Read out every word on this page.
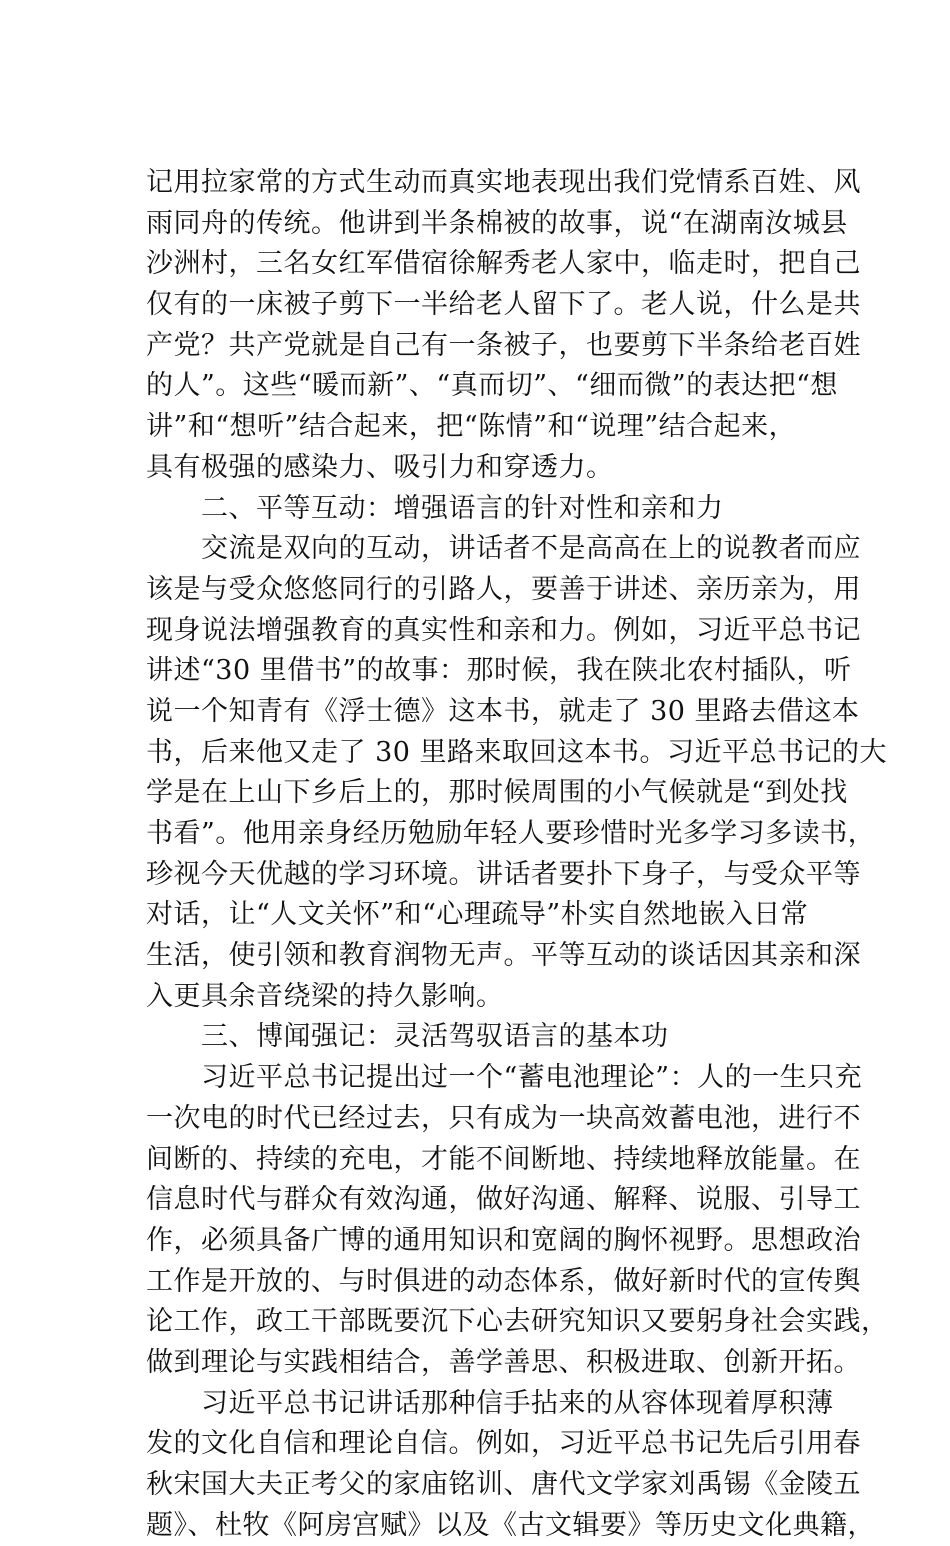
记用拉家常的方式生动而真实地表现出我们党情系百姓、风
雨同舟的传统。他讲到半条棉被的故事，说“在湖南汝城县
沙洲村，三名女红军借宿徐解秀老人家中，临走时，把自己
仅有的一床被子剪下一半给老人留下了。老人说，什么是共
产党？共产党就是自己有一条被子，也要剪下半条给老百姓
的人”。这些“暖而新”、“真而切”、“细而微”的表达把“想
讲”和“想听”结合起来，把“陈情”和“说理”结合起来，
具有极强的感染力、吸引力和穿透力。
　　二、平等互动：增强语言的针对性和亲和力
　　交流是双向的互动，讲话者不是高高在上的说教者而应
该是与受众悠悠同行的引路人，要善于讲述、亲历亲为，用
现身说法增强教育的真实性和亲和力。例如，习近平总书记
讲述“30 里借书”的故事：那时候，我在陕北农村插队，听
说一个知青有《浮士德》这本书，就走了 30 里路去借这本
书，后来他又走了 30 里路来取回这本书。习近平总书记的大
学是在上山下乡后上的，那时候周围的小气候就是“到处找
书看”。他用亲身经历勉励年轻人要珍惜时光多学习多读书，
珍视今天优越的学习环境。讲话者要扑下身子，与受众平等
对话，让“人文关怀”和“心理疏导”朴实自然地嵌入日常
生活，使引领和教育润物无声。平等互动的谈话因其亲和深
入更具余音绕梁的持久影响。
　　三、博闻强记：灵活驾驭语言的基本功
　　习近平总书记提出过一个“蓄电池理论”：人的一生只充
一次电的时代已经过去，只有成为一块高效蓄电池，进行不
间断的、持续的充电，才能不间断地、持续地释放能量。在
信息时代与群众有效沟通，做好沟通、解释、说服、引导工
作，必须具备广博的通用知识和宽阔的胸怀视野。思想政治
工作是开放的、与时俱进的动态体系，做好新时代的宣传舆
论工作，政工干部既要沉下心去研究知识又要躬身社会实践，
做到理论与实践相结合，善学善思、积极进取、创新开拓。
　　习近平总书记讲话那种信手拈来的从容体现着厚积薄
发的文化自信和理论自信。例如，习近平总书记先后引用春
秋宋国大夫正考父的家庙铭训、唐代文学家刘禹锡《金陵五
题》、杜牧《阿房宫赋》以及《古文辑要》等历史文化典籍，
